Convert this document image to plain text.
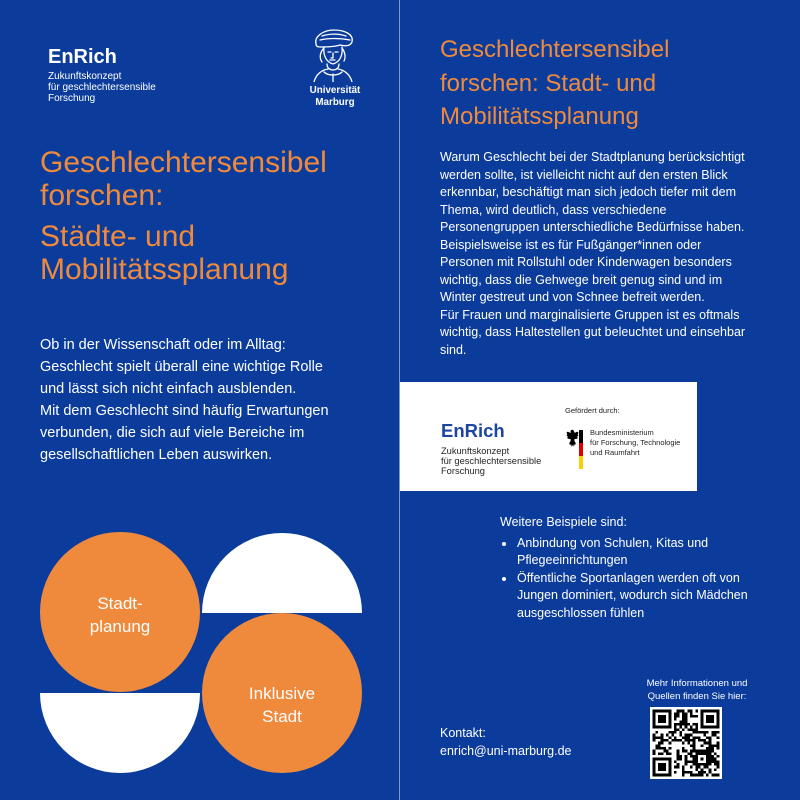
EnRich
Zukunftskonzept
für geschlechtersensible
Forschung
Universität
Marburg
Geschlechtersensibel
forschen:
Städte- und
Mobilitätssplanung
Ob in der Wissenschaft oder im Alltag:
Geschlecht spielt überall eine wichtige Rolle
und lässt sich nicht einfach ausblenden.
Mit dem Geschlecht sind häufig Erwartungen
verbunden, die sich auf viele Bereiche im
gesellschaftlichen Leben auswirken.
Stadt-
planung
Inklusive
Stadt
Geschlechtersensibel
forschen: Stadt- und
Mobilitätssplanung
Warum Geschlecht bei der Stadtplanung berücksichtigt
werden sollte, ist vielleicht nicht auf den ersten Blick
erkennbar, beschäftigt man sich jedoch tiefer mit dem
Thema, wird deutlich, dass verschiedene
Personengruppen unterschiedliche Bedürfnisse haben.
Beispielsweise ist es für Fußgänger*innen oder
Personen mit Rollstuhl oder Kinderwagen besonders
wichtig, dass die Gehwege breit genug sind und im
Winter gestreut und von Schnee befreit werden.
Für Frauen und marginalisierte Gruppen ist es oftmals
wichtig, dass Haltestellen gut beleuchtet und einsehbar
sind.
EnRich
Zukunftskonzept
für geschlechtersensible
Forschung
Gefördert durch:
Bundesministerium
für Forschung, Technologie
und Raumfahrt
Weitere Beispiele sind:
Anbindung von Schulen, Kitas und
Pflegeeinrichtungen
Öffentliche Sportanlagen werden oft von
Jungen dominiert, wodurch sich Mädchen
ausgeschlossen fühlen
Mehr Informationen und
Quellen finden Sie hier:
Kontakt:
enrich@uni-marburg.de
